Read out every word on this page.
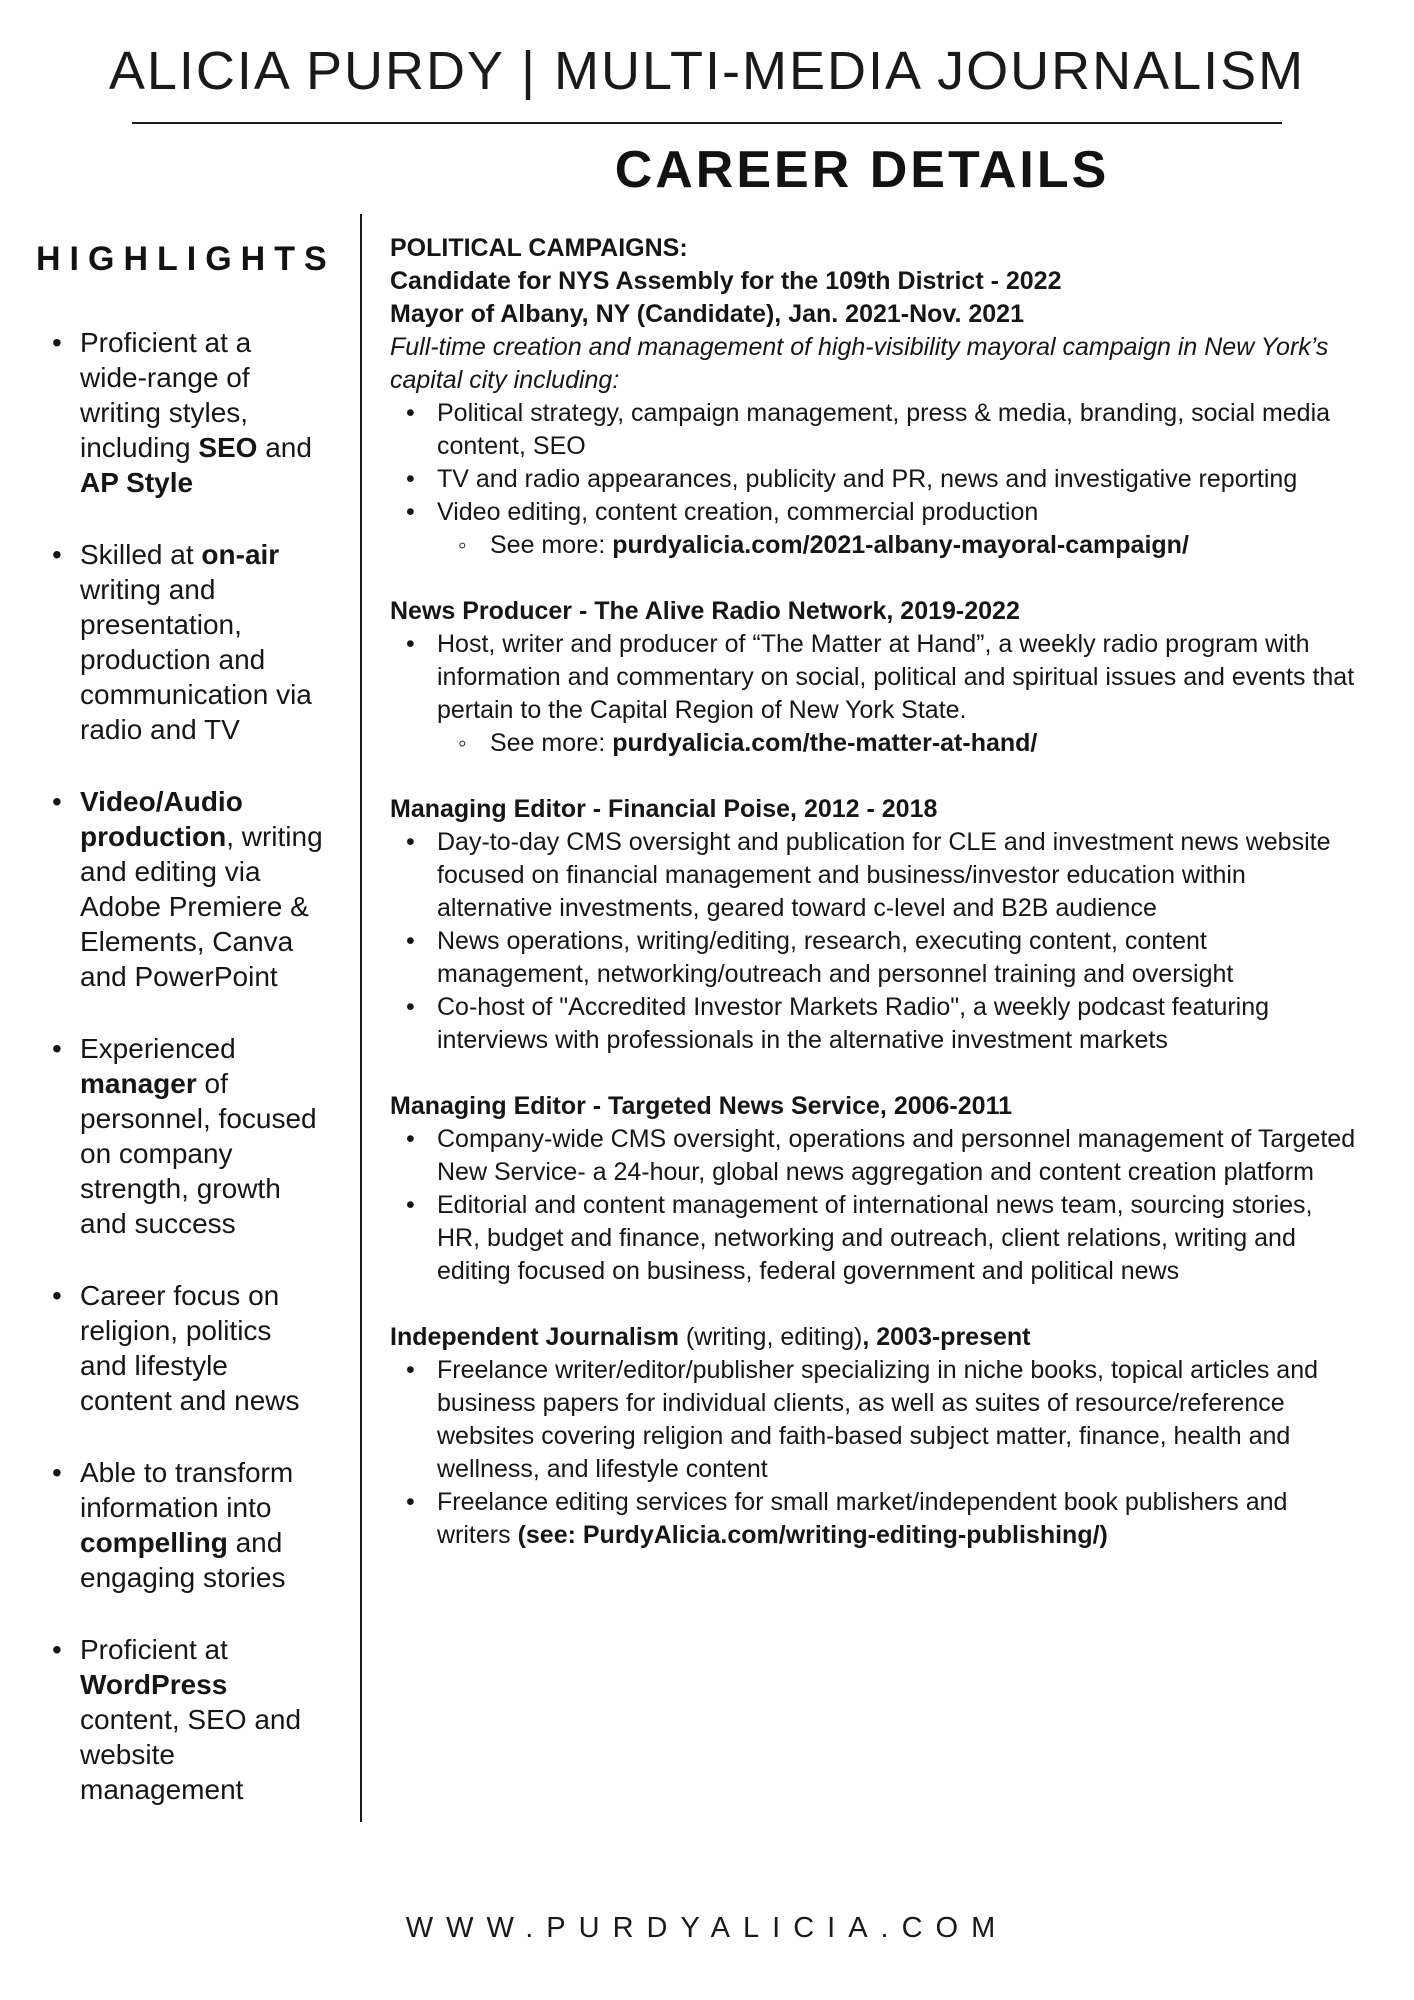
ALICIA PURDY | MULTI-MEDIA JOURNALISM
CAREER DETAILS
HIGHLIGHTS
• Proficient at a wide-range of writing styles, including SEO and AP Style
• Skilled at on-air writing and presentation, production and communication via radio and TV
• Video/Audio production, writing and editing via Adobe Premiere & Elements, Canva and PowerPoint
• Experienced manager of personnel, focused on company strength, growth and success
• Career focus on religion, politics and lifestyle content and news
• Able to transform information into compelling and engaging stories
• Proficient at WordPress content, SEO and website management
POLITICAL CAMPAIGNS:
Candidate for NYS Assembly for the 109th District - 2022
Mayor of Albany, NY (Candidate), Jan. 2021-Nov. 2021
Full-time creation and management of high-visibility mayoral campaign in New York’s capital city including:
• Political strategy, campaign management, press & media, branding, social media content, SEO
• TV and radio appearances, publicity and PR, news and investigative reporting
• Video editing, content creation, commercial production
◦ See more: purdyalicia.com/2021-albany-mayoral-campaign/
News Producer - The Alive Radio Network, 2019-2022
• Host, writer and producer of “The Matter at Hand”, a weekly radio program with information and commentary on social, political and spiritual issues and events that pertain to the Capital Region of New York State.
◦ See more: purdyalicia.com/the-matter-at-hand/
Managing Editor - Financial Poise, 2012 - 2018
• Day-to-day CMS oversight and publication for CLE and investment news website focused on financial management and business/investor education within alternative investments, geared toward c-level and B2B audience
• News operations, writing/editing, research, executing content, content management, networking/outreach and personnel training and oversight
• Co-host of "Accredited Investor Markets Radio", a weekly podcast featuring interviews with professionals in the alternative investment markets
Managing Editor - Targeted News Service, 2006-2011
• Company-wide CMS oversight, operations and personnel management of Targeted New Service- a 24-hour, global news aggregation and content creation platform
• Editorial and content management of international news team, sourcing stories, HR, budget and finance, networking and outreach, client relations, writing and editing focused on business, federal government and political news
Independent Journalism (writing, editing), 2003-present
• Freelance writer/editor/publisher specializing in niche books, topical articles and business papers for individual clients, as well as suites of resource/reference websites covering religion and faith-based subject matter, finance, health and wellness, and lifestyle content
• Freelance editing services for small market/independent book publishers and writers (see: PurdyAlicia.com/writing-editing-publishing/)
WWW.PURDYALICIA.COM
